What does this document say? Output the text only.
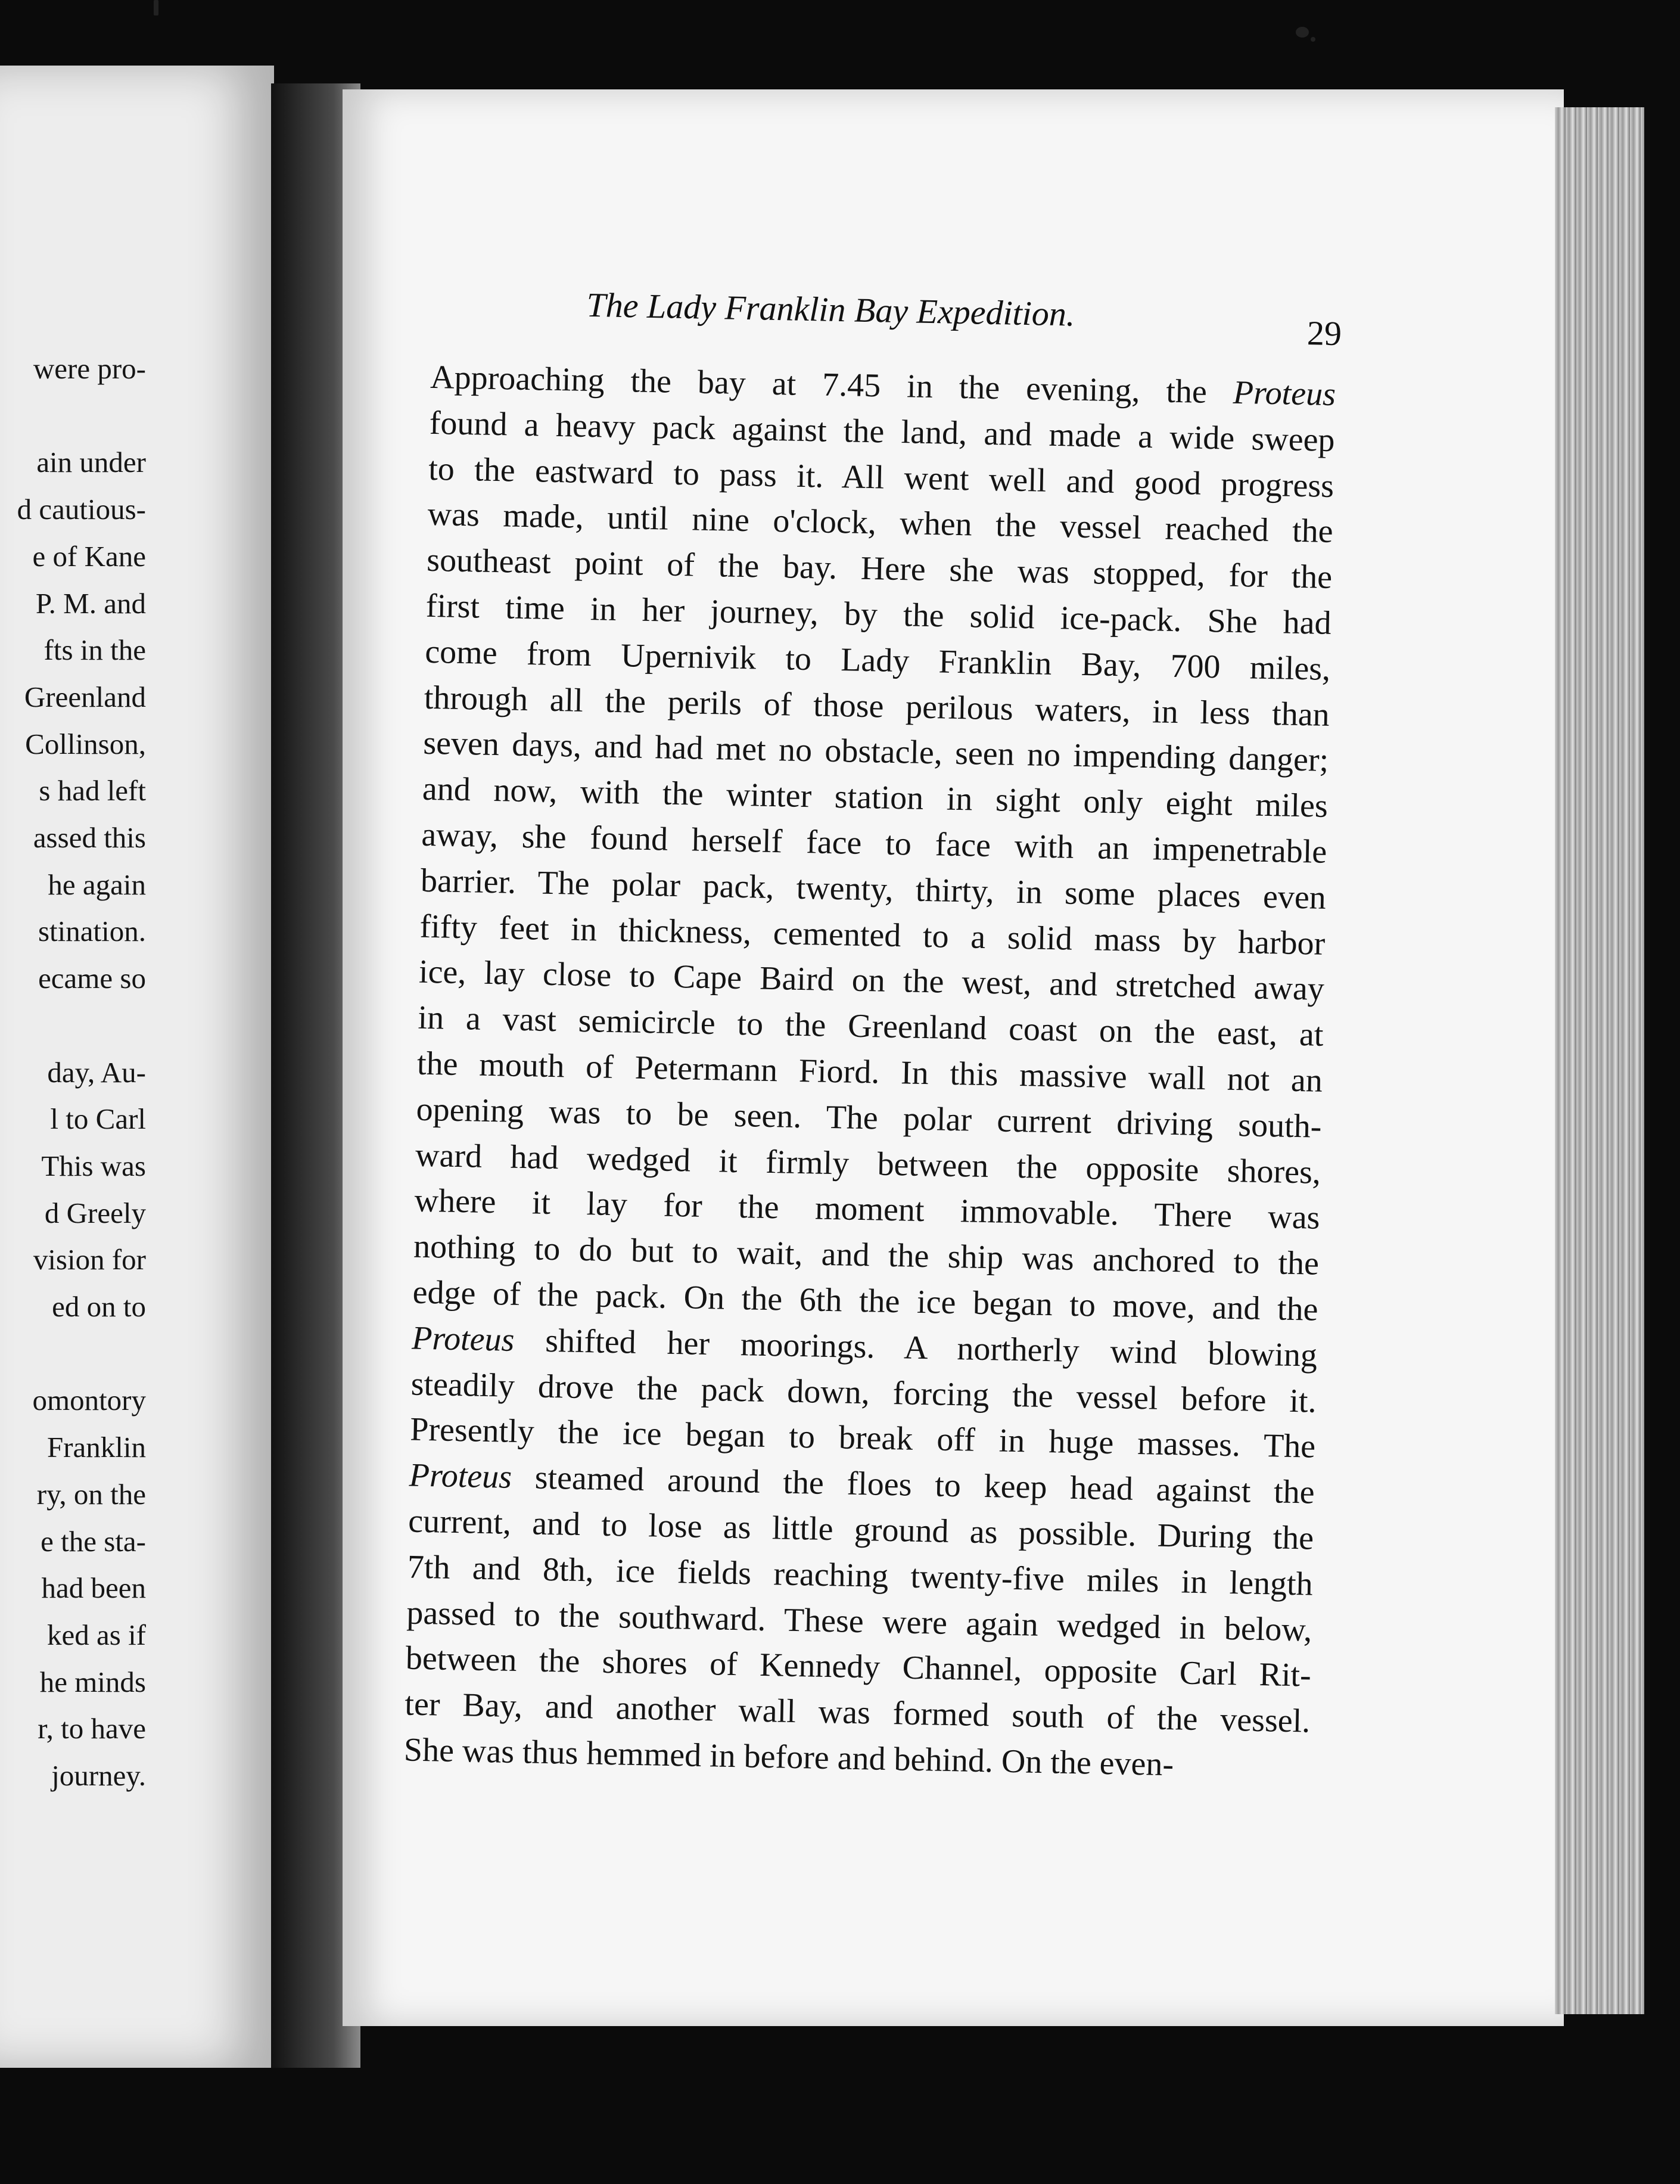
were pro-

ain under
d cautious-
e of Kane
P. M. and
fts in the
Greenland
Collinson,
s had left
assed this
he again
stination.
ecame so

day, Au-
l to Carl
This was
d Greely
vision for
ed on to

omontory
Franklin
ry, on the
e the sta-
had been
ked as if
he minds
r, to have
journey.
The Lady Franklin Bay Expedition.	29
Approaching the bay at 7.45 in the evening, the Proteus
found a heavy pack against the land, and made a wide sweep
to the eastward to pass it. All went well and good progress
was made, until nine o'clock, when the vessel reached the
southeast point of the bay. Here she was stopped, for the
first time in her journey, by the solid ice-pack. She had
come from Upernivik to Lady Franklin Bay, 700 miles,
through all the perils of those perilous waters, in less than
seven days, and had met no obstacle, seen no impending danger;
and now, with the winter station in sight only eight miles
away, she found herself face to face with an impenetrable
barrier. The polar pack, twenty, thirty, in some places even
fifty feet in thickness, cemented to a solid mass by harbor
ice, lay close to Cape Baird on the west, and stretched away
in a vast semicircle to the Greenland coast on the east, at
the mouth of Petermann Fiord. In this massive wall not an
opening was to be seen. The polar current driving south-
ward had wedged it firmly between the opposite shores,
where it lay for the moment immovable. There was
nothing to do but to wait, and the ship was anchored to the
edge of the pack. On the 6th the ice began to move, and the
Proteus shifted her moorings. A northerly wind blowing
steadily drove the pack down, forcing the vessel before it.
Presently the ice began to break off in huge masses. The
Proteus steamed around the floes to keep head against the
current, and to lose as little ground as possible. During the
7th and 8th, ice fields reaching twenty-five miles in length
passed to the southward. These were again wedged in below,
between the shores of Kennedy Channel, opposite Carl Rit-
ter Bay, and another wall was formed south of the vessel.
She was thus hemmed in before and behind. On the even-
